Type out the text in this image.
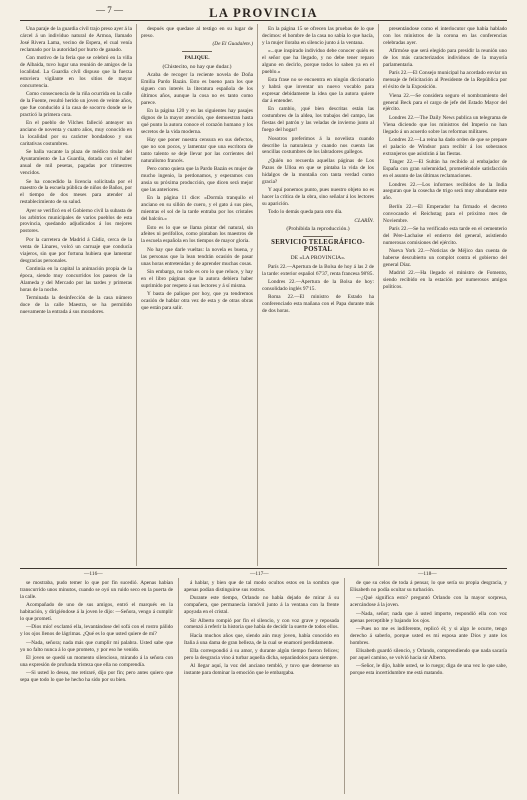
— 7 —	LA PROVINCIA

Una paraje de la guardia civil trajo preso ayer á la cárcel á un individuo natural de Armoa, llamado José Rivera Lama, vecino de Espera, el cual venía reclamado por la autoridad por hurto de ganado.

Con motivo de la feria que se celebró en la villa de Albaida, tuvo lugar una reunión de amigos de la localidad. La Guardia civil dispuso que la fuerza estuviera vigilante en los sitios de mayor concurrencia.

Como consecuencia de la riña ocurrida en la calle de la Fuente, resultó herido un joven de veinte años, que fue conducido á la casa de socorro donde se le practicó la primera cura.

En el pueblo de Vilches falleció anteayer un anciano de noventa y cuatro años, muy conocido en la localidad por su carácter bondadoso y sus caritativas costumbres.

Se halla vacante la plaza de médico titular del Ayuntamiento de La Guardia, dotada con el haber anual de mil pesetas, pagadas por trimestres vencidos.

Se ha concedido la licencia solicitada por el maestro de la escuela pública de niños de Baños, por el tiempo de dos meses para atender al restablecimiento de su salud.

Ayer se verificó en el Gobierno civil la subasta de los arbitrios municipales de varios pueblos de esta provincia, quedando adjudicados á los mejores postores.

Por la carretera de Madrid á Cádiz, cerca de la venta de Linares, volcó un carruaje que conducía viajeros, sin que por fortuna hubiera que lamentar desgracias personales.

Continúa en la capital la animación propia de la época, siendo muy concurridos los paseos de la Alameda y del Mercado por las tardes y primeras horas de la noche.

Terminada la desinfección de la casa número doce de la calle Maestra, se ha permitido nuevamente la entrada á sus moradores.

después que quedase al testigo en su lugar de preso.

(De El Guadalete.)

PALIQUE.

(Chistecito, no hay que dudar.)

Acaba de recoger la reciente novela de Doña Emilia Pardo Bazán. Esto es bueno para los que siguen con interés la literatura española de los últimos años, aunque la cosa no es tanto como parece.

En la página 120 y en las siguientes hay pasajes dignos de la mayor atención, que demuestran hasta qué punto la autora conoce el corazón humano y los secretos de la vida moderna.

Hay que poner nuestra censura en sus defectos, que no son pocos, y lamentar que una escritora de tanto talento se deje llevar por las corrientes del naturalismo francés.

Pero como quiera que la Pardo Bazán es mujer de mucho ingenio, la perdonamos, y esperamos con ansia su próxima producción, que dicen será mejor que las anteriores.

En la página 11 dice: «Dormía tranquilo el anciano en su sillón de cuero, y el gato á sus pies, mientras el sol de la tarde entraba por los cristales del balcón.»

Esto es lo que se llama pintar del natural, sin afeites ni perifollos, como pintaban los maestros de la escuela española en los tiempos de mayor gloria.

No hay que darle vueltas: la novela es buena, y las personas que la lean tendrán ocasión de pasar unas horas entretenidas y de aprender muchas cosas.

Sin embargo, no todo es oro lo que reluce, y hay en el libro páginas que la autora debiera haber suprimido por respeto á sus lectores y á sí misma.

Y basta de palique por hoy, que ya tendremos ocasión de hablar otra vez de esta y de otras obras que están para salir.

En la página 15 se ofrecen las pruebas de lo que decimos: el hombre de la casa no sabía lo que hacía, y la mujer lloraba en silencio junto á la ventana.

«...que inspirado individuo debe conocer quién es el señor que ha llegado, y no debe tener reparo alguno en decirlo, porque todos lo saben ya en el pueblo.»

Esta frase no se encuentra en ningún diccionario y habrá que inventar un nuevo vocablo para expresar debidamente la idea que la autora quiere dar á entender.

En cambio, ¡qué bien descritas están las costumbres de la aldea, los trabajos del campo, las fiestas del patrón y las veladas de invierno junto al fuego del hogar!

Nosotros preferimos á la novelista cuando describe la naturaleza y cuando nos cuenta las sencillas costumbres de los labradores gallegos.

¿Quién no recuerda aquellas páginas de Los Pazos de Ulloa en que se pintaba la vida de los hidalgos de la montaña con tanta verdad como gracia?

Y aquí ponemos punto, pues nuestro objeto no es hacer la crítica de la obra, sino señalar á los lectores su aparición.

Todo lo demás queda para otro día.

CLARÍN.

(Prohibida la reproducción.)

SERVICIO TELEGRÁFICO-POSTAL

DE «LA PROVINCIA».

París 22.—Apertura de la Bolsa de hoy á las 2 de la tarde: exterior español 67'37, renta francesa 98'85.

Londres 22.—Apertura de la Bolsa de hoy: consolidado inglés 97'15.

Roma 22.—El ministro de Estado ha conferenciado esta mañana con el Papa durante más de dos horas.

presentándose como el interlocutor que había hablado con los ministros de la corona en las conferencias celebradas ayer.

Afirmóse que será elegido para presidir la reunión uno de los más caracterizados individuos de la mayoría parlamentaria.

París 22.—El Consejo municipal ha acordado enviar un mensaje de felicitación al Presidente de la República por el éxito de la Exposición.

Viena 22.—Se considera seguro el nombramiento del general Beck para el cargo de jefe del Estado Mayor del ejército.

Londres 22.—The Daily News publica un telegrama de Viena diciendo que los ministros del Imperio no han llegado á un acuerdo sobre las reformas militares.

Londres 22.—La reina ha dado orden de que se prepare el palacio de Windsor para recibir á los soberanos extranjeros que asistirán á las fiestas.

Tánger 22.—El Sultán ha recibido al embajador de España con gran solemnidad, prometiéndole satisfacción en el asunto de las últimas reclamaciones.

Londres 22.—Los informes recibidos de la India aseguran que la cosecha de trigo será muy abundante este año.

Berlín 22.—El Emperador ha firmado el decreto convocando el Reichstag para el próximo mes de Noviembre.

París 22.—Se ha verificado esta tarde en el cementerio del Père-Lachaise el entierro del general, asistiendo numerosas comisiones del ejército.

Nueva York 22.—Noticias de Méjico dan cuenta de haberse descubierto un complot contra el gobierno del general Díaz.

Madrid 22.—Ha llegado el ministro de Fomento, siendo recibido en la estación por numerosos amigos políticos.

—116—	—117—	—118—

se mostraba, pudo temer lo que por fin sucedió. Apenas habían transcurrido unos minutos, cuando se oyó un ruido seco en la puerta de la calle.

Acompañado de uno de sus amigos, entró el marqués en la habitación, y dirigiéndose á la joven le dijo: —Señora, vengo á cumplir lo que prometí.

—Dios mío! exclamó ella, levantándose del sofá con el rostro pálido y los ojos llenos de lágrimas. ¿Qué es lo que usted quiere de mí?

—Nada, señora; nada más que cumplir mi palabra. Usted sabe que yo no falto nunca á lo que prometo, y por eso he venido.

El joven se quedó un momento silencioso, mirando á la señora con una expresión de profunda tristeza que ella no comprendía.

—Si usted lo desea, me retiraré, dijo por fin; pero antes quiero que sepa que todo lo que he hecho ha sido por su bien.

á hablar, y bien que de tal modo ocultos estos en la sombra que apenas podían distinguirse sus rostros.

Durante este tiempo, Orlando no había dejado de mirar á su compañera, que permanecía inmóvil junto á la ventana con la frente apoyada en el cristal.

Sir Alberto rompió por fin el silencio, y con voz grave y reposada comenzó á referir la historia que había de decidir la suerte de todos ellos.

Hacía muchos años que, siendo aún muy joven, había conocido en Italia á una dama de gran belleza, de la cual se enamoró perdidamente.

Ella correspondió á su amor, y durante algún tiempo fueron felices; pero la desgracia vino á turbar aquella dicha, separándolos para siempre.

Al llegar aquí, la voz del anciano tembló, y tuvo que detenerse un instante para dominar la emoción que le embargaba.

de que su celos de toda á pensar, lo que sería su propia desgracia, y Elisabeth no podía ocultar su turbación.

—¿Qué significa esto? preguntó Orlando con la mayor sorpresa, acercándose á la joven.

—Nada, señor; nada que á usted importe, respondió ella con voz apenas perceptible y bajando los ojos.

—Pues no me es indiferente, replicó él; y si algo le ocurre, tengo derecho á saberlo, porque usted es mi esposa ante Dios y ante los hombres.

Elisabeth guardó silencio, y Orlando, comprendiendo que nada sacaría por aquel camino, se volvió hacia sir Alberto.

—Señor, le dijo, hable usted, se lo ruego; diga de una vez lo que sabe, porque esta incertidumbre me está matando.
